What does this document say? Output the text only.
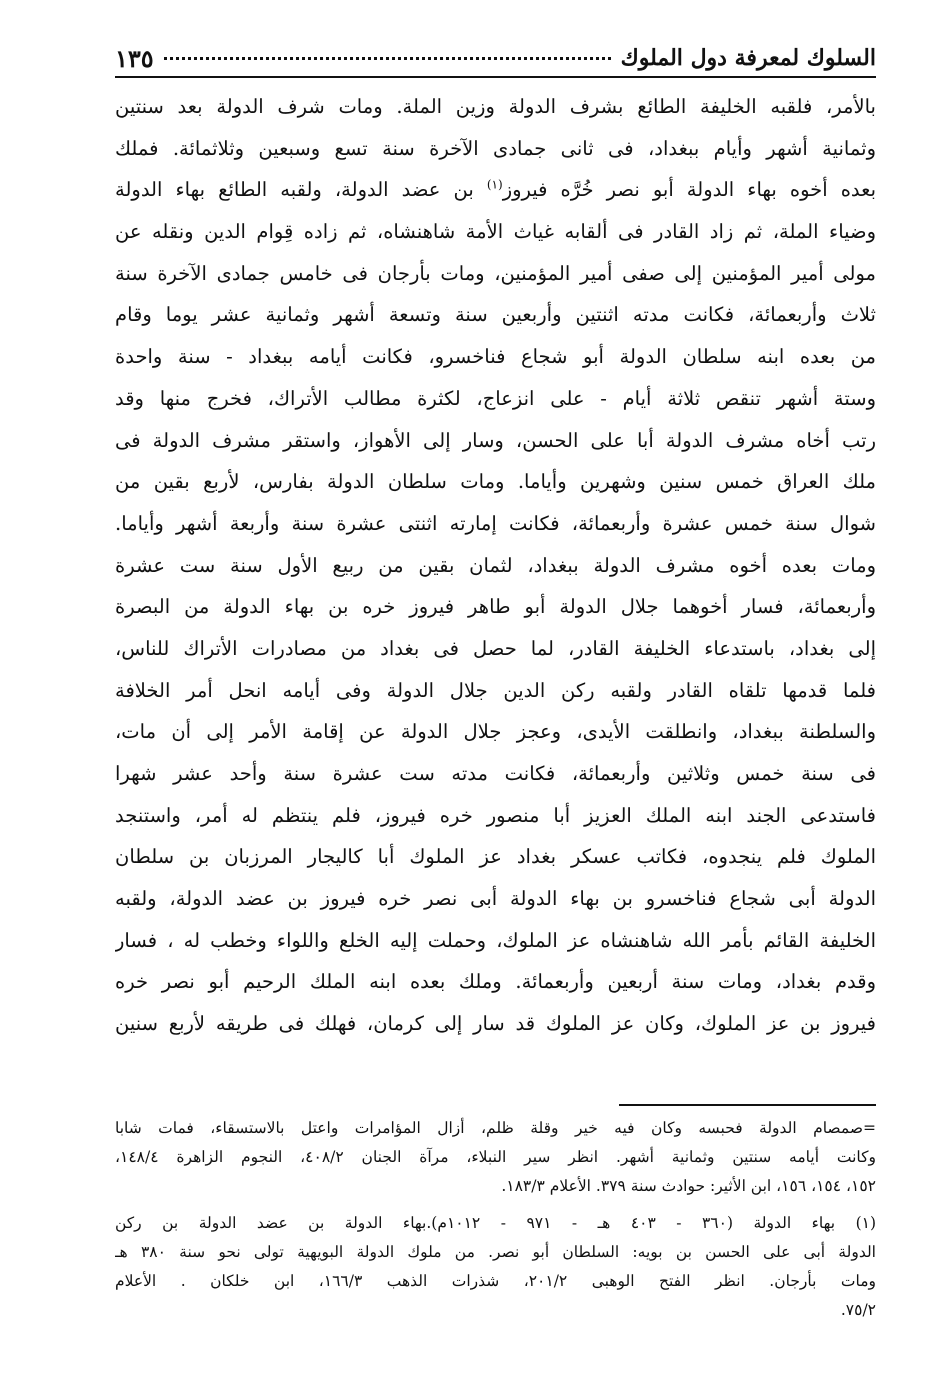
السلوك لمعرفة دول الملوك
١٣٥
بالأمر، فلقبه الخليفة الطائع بشرف الدولة وزين الملة. ومات شرف الدولة بعد سنتين
وثمانية أشهر وأيام ببغداد، فى ثانى جمادى الآخرة سنة تسع وسبعين وثلاثمائة. فملك
بعده أخوه بهاء الدولة أبو نصر خُرَّه فيروز$^{(١)}$ بن عضد الدولة، ولقبه الطائع بهاء الدولة
وضياء الملة، ثم زاد القادر فى ألقابه غياث الأمة شاهنشاه، ثم زاده قِوام الدين ونقله عن
مولى أمير المؤمنين إلى صفى أمير المؤمنين، ومات بأرجان فى خامس جمادى الآخرة سنة
ثلاث وأربعمائة، فكانت مدته اثنتين وأربعين سنة وتسعة أشهر وثمانية عشر يوما وقام
من بعده ابنه سلطان الدولة أبو شجاع فناخسرو، فكانت أيامه ببغداد - سنة واحدة
وستة أشهر تنقص ثلاثة أيام - على انزعاج، لكثرة مطالب الأتراك، فخرج منها وقد
رتب أخاه مشرف الدولة أبا على الحسن، وسار إلى الأهواز، واستقر مشرف الدولة فى
ملك العراق خمس سنين وشهرين وأياما. ومات سلطان الدولة بفارس، لأربع بقين من
شوال سنة خمس عشرة وأربعمائة، فكانت إمارته اثنتى عشرة سنة وأربعة أشهر وأياما.
ومات بعده أخوه مشرف الدولة ببغداد، لثمان بقين من ربيع الأول سنة ست عشرة
وأربعمائة، فسار أخوهما جلال الدولة أبو طاهر فيروز خره بن بهاء الدولة من البصرة
إلى بغداد، باستدعاء الخليفة القادر، لما حصل فى بغداد من مصادرات الأتراك للناس،
فلما قدمها تلقاه القادر ولقبه ركن الدين جلال الدولة وفى أيامه انحل أمر الخلافة
والسلطنة ببغداد، وانطلقت الأيدى، وعجز جلال الدولة عن إقامة الأمر إلى أن مات،
فى سنة خمس وثلاثين وأربعمائة، فكانت مدته ست عشرة سنة وأحد عشر شهرا
فاستدعى الجند ابنه الملك العزيز أبا منصور خره فيروز، فلم ينتظم له أمر، واستنجد
الملوك فلم ينجدوه، فكاتب عسكر بغداد عز الملوك أبا كاليجار المرزبان بن سلطان
الدولة أبى شجاع فناخسرو بن بهاء الدولة أبى نصر خره فيروز بن عضد الدولة، ولقبه
الخليفة القائم بأمر الله شاهنشاه عز الملوك، وحملت إليه الخلع واللواء وخطب له ، فسار
وقدم بغداد، ومات سنة أربعين وأربعمائة. وملك بعده ابنه الملك الرحيم أبو نصر خره
فيروز بن عز الملوك، وكان عز الملوك قد سار إلى كرمان، فهلك فى طريقه لأربع سنين
=صمصام الدولة فحبسه وكان فيه خير وقلة ظلم، أزال المؤامرات واعتل بالاستسقاء، فمات شابا
وكانت أيامه سنتين وثمانية أشهر. انظر سير النبلاء، مرآة الجنان ٤٠٨/٢، النجوم الزاهرة ١٤٨/٤،
١٥٢، ١٥٤، ١٥٦، ابن الأثير: حوادث سنة ٣٧٩. الأعلام ١٨٣/٣.
(١) بهاء الدولة (٣٦٠ - ٤٠٣ هـ - ٩٧١ - ١٠١٢م).بهاء الدولة بن عضد الدولة بن ركن
الدولة أبى على الحسن بن بويه: السلطان أبو نصر. من ملوك الدولة البويهية تولى نحو سنة ٣٨٠ هـ
ومات بأرجان. انظر الفتح الوهبى ٢٠١/٢، شذرات الذهب ١٦٦/٣، ابن خلكان . الأعلام
٧٥/٢.
